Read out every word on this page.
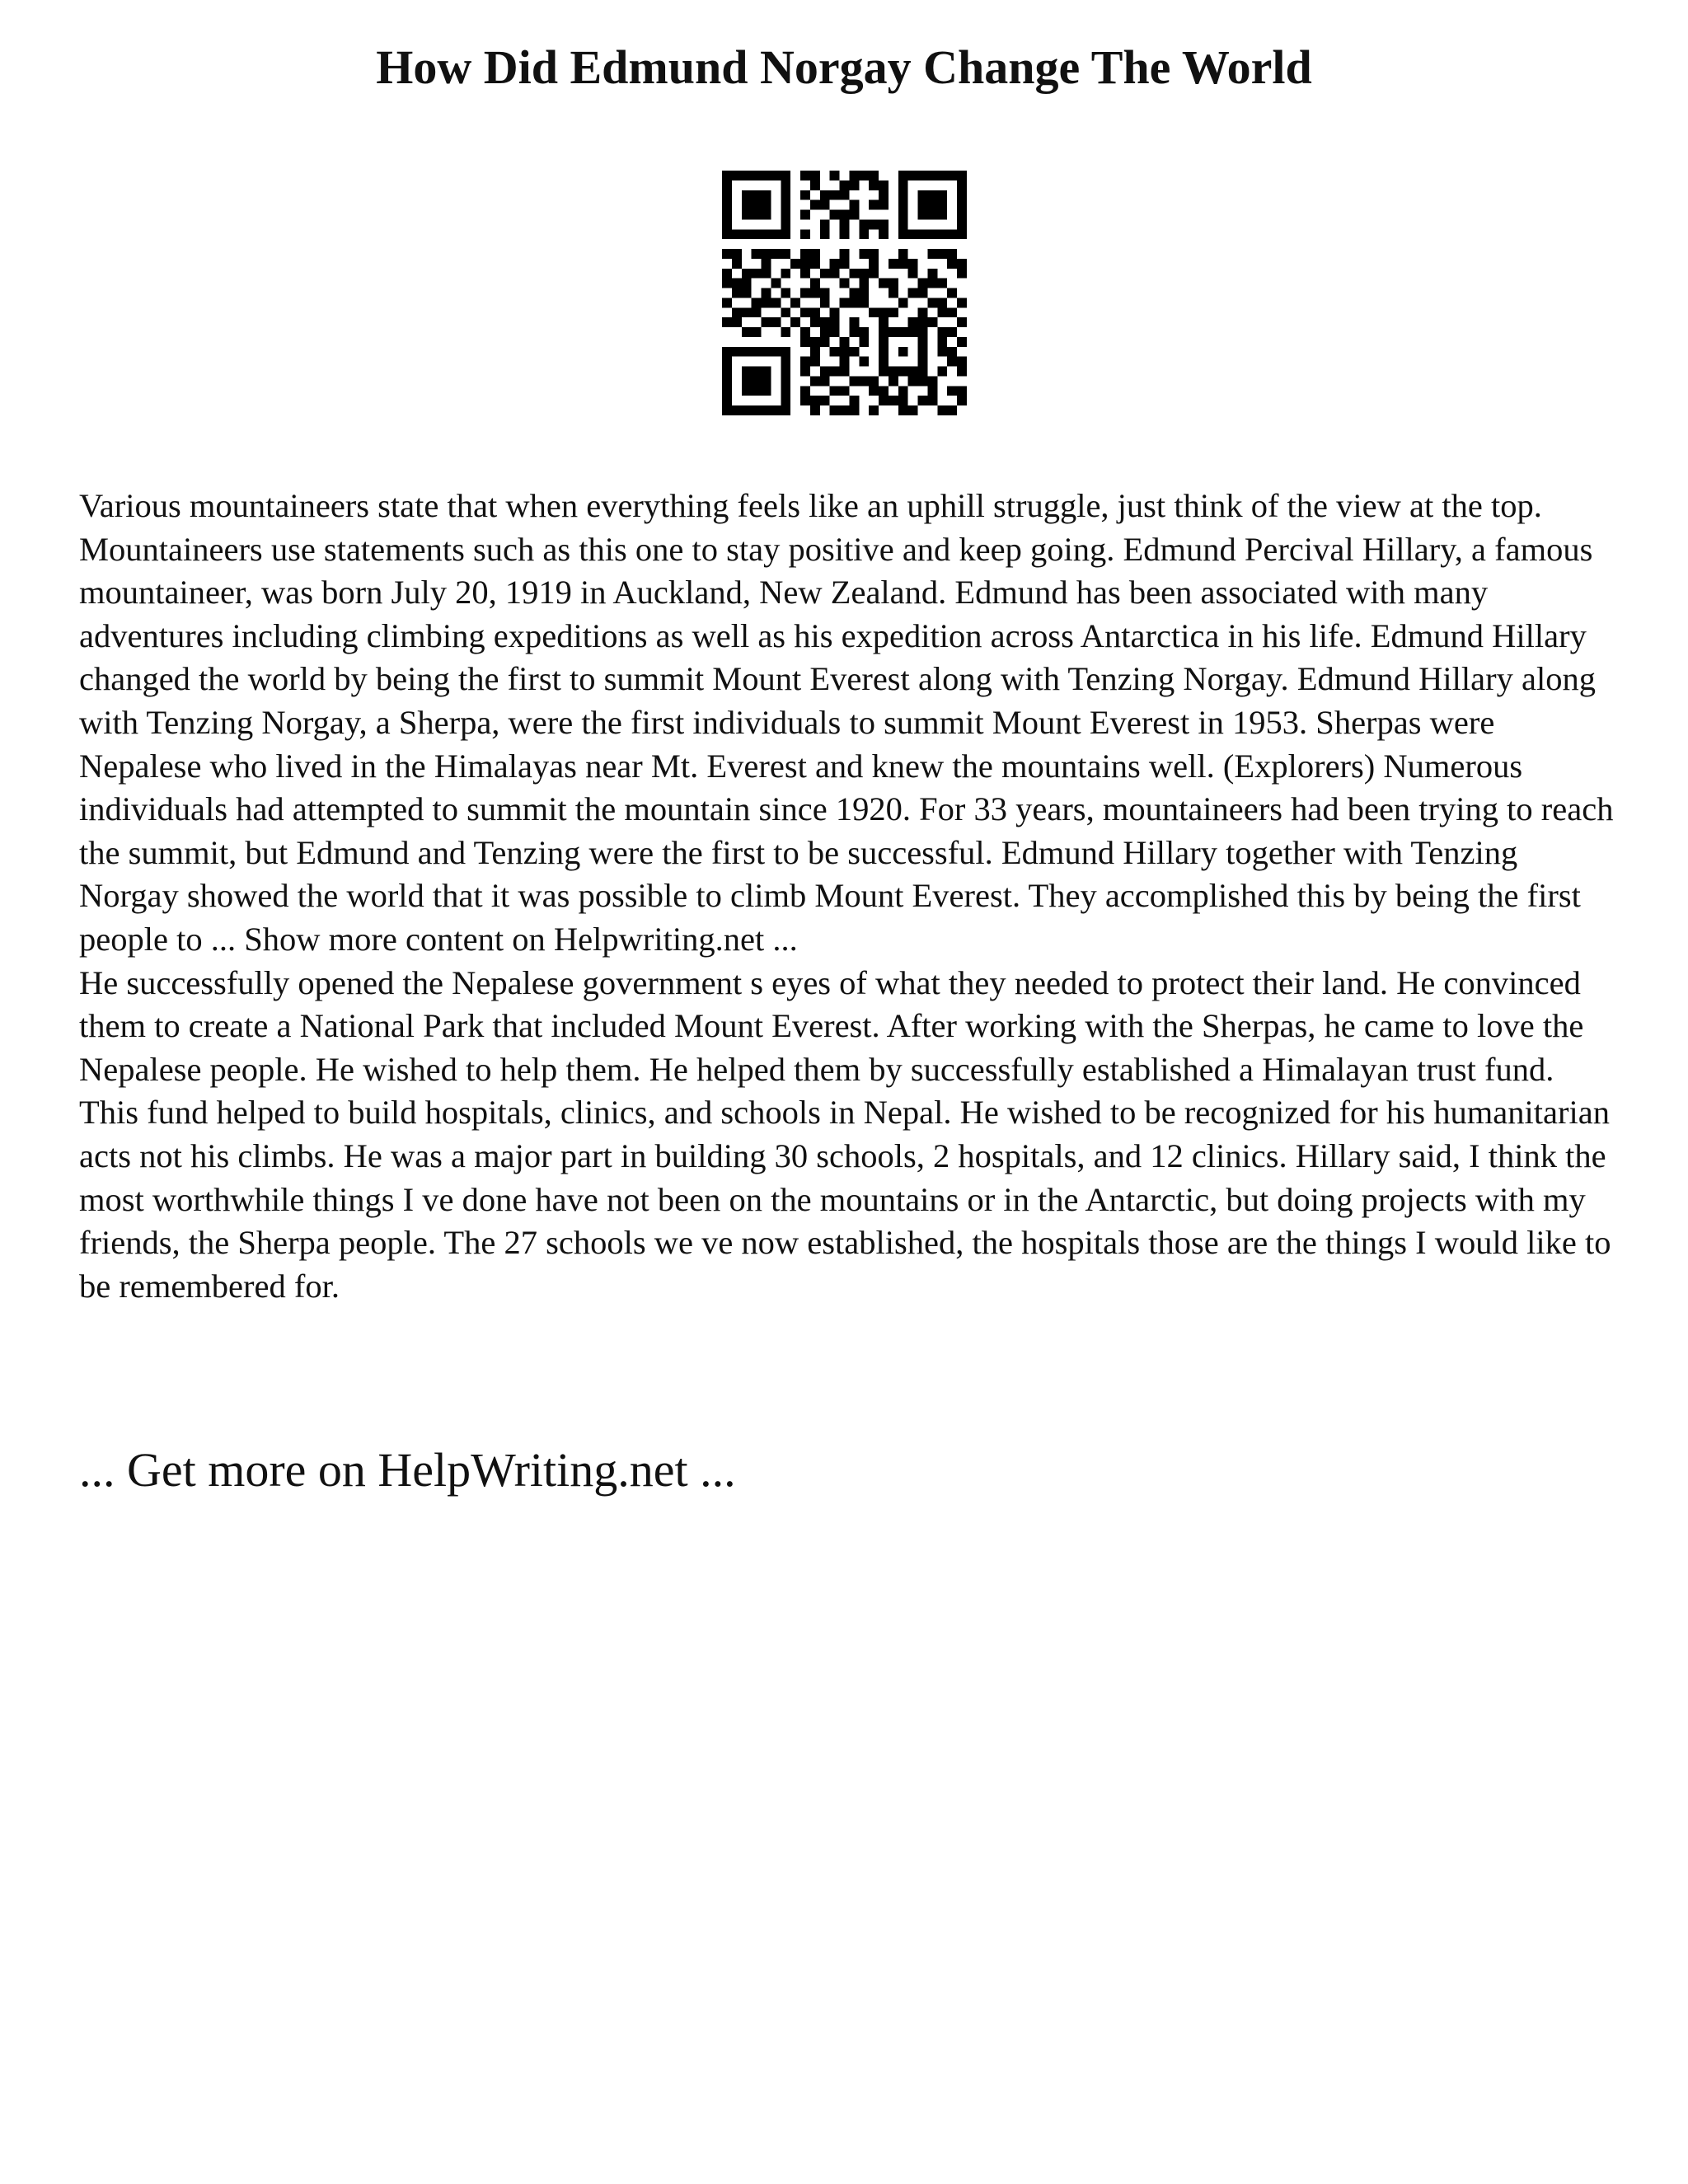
How Did Edmund Norgay Change The World

Various mountaineers state that when everything feels like an uphill struggle, just think of the view at the top. Mountaineers use statements such as this one to stay positive and keep going. Edmund Percival Hillary, a famous mountaineer, was born July 20, 1919 in Auckland, New Zealand. Edmund has been associated with many adventures including climbing expeditions as well as his expedition across Antarctica in his life. Edmund Hillary changed the world by being the first to summit Mount Everest along with Tenzing Norgay. Edmund Hillary along with Tenzing Norgay, a Sherpa, were the first individuals to summit Mount Everest in 1953. Sherpas were Nepalese who lived in the Himalayas near Mt. Everest and knew the mountains well. (Explorers) Numerous individuals had attempted to summit the mountain since 1920. For 33 years, mountaineers had been trying to reach the summit, but Edmund and Tenzing were the first to be successful. Edmund Hillary together with Tenzing Norgay showed the world that it was possible to climb Mount Everest. They accomplished this by being the first people to ... Show more content on Helpwriting.net ...

He successfully opened the Nepalese government s eyes of what they needed to protect their land. He convinced them to create a National Park that included Mount Everest. After working with the Sherpas, he came to love the Nepalese people. He wished to help them. He helped them by successfully established a Himalayan trust fund. This fund helped to build hospitals, clinics, and schools in Nepal. He wished to be recognized for his humanitarian acts not his climbs. He was a major part in building 30 schools, 2 hospitals, and 12 clinics. Hillary said, I think the most worthwhile things I ve done have not been on the mountains or in the Antarctic, but doing projects with my friends, the Sherpa people. The 27 schools we ve now established, the hospitals those are the things I would like to be remembered for.

... Get more on HelpWriting.net ...
